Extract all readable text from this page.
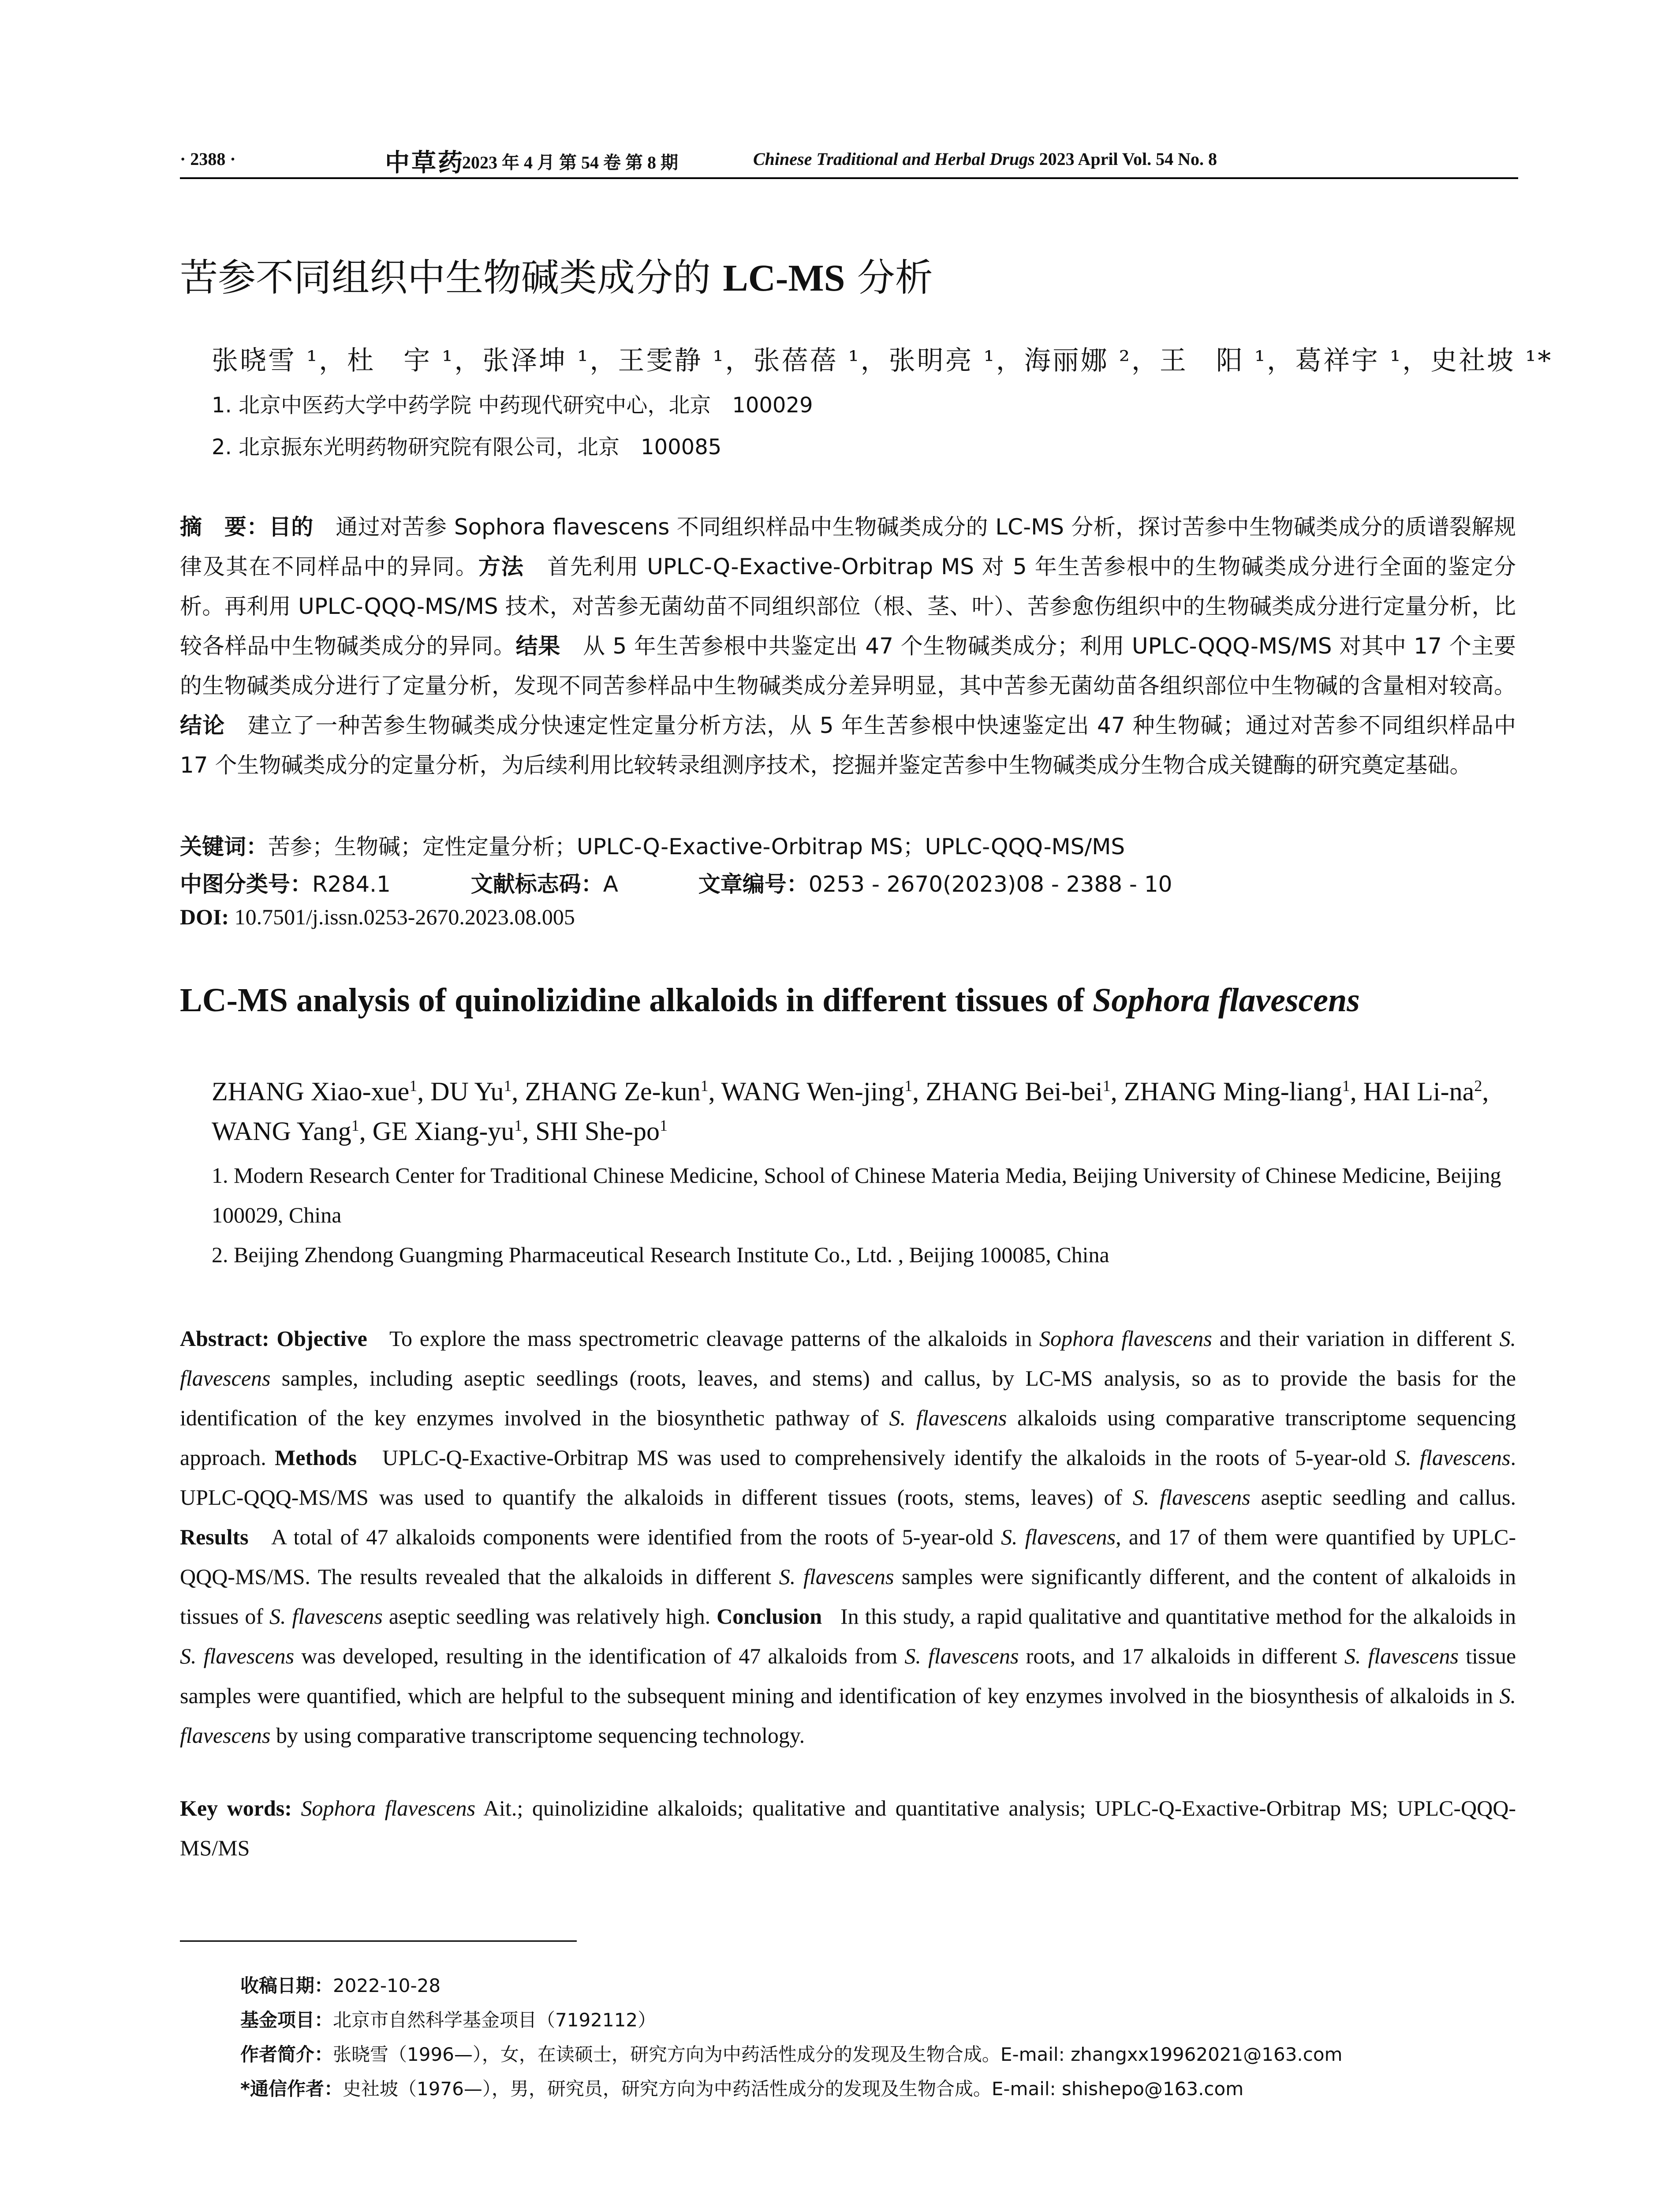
· 2388 ·	中草药
2023 年 4 月 第 54 卷 第 8 期	Chinese Traditional and Herbal Drugs 2023 April Vol. 54 No. 8
苦参不同组织中生物碱类成分的 LC-MS 分析
张晓雪 ¹，杜　宇 ¹，张泽坤 ¹，王雯静 ¹，张蓓蓓 ¹，张明亮 ¹，海丽娜 ²，王　阳 ¹，葛祥宇 ¹，史社坡 ¹*
1. 北京中医药大学中药学院 中药现代研究中心，北京　100029
2. 北京振东光明药物研究院有限公司，北京　100085
摘　要：目的　通过对苦参 Sophora flavescens 不同组织样品中生物碱类成分的 LC-MS 分析，探讨苦参中生物碱类成分的质谱裂解规律及其在不同样品中的异同。方法　首先利用 UPLC-Q-Exactive-Orbitrap MS 对 5 年生苦参根中的生物碱类成分进行全面的鉴定分析。再利用 UPLC-QQQ-MS/MS 技术，对苦参无菌幼苗不同组织部位（根、茎、叶）、苦参愈伤组织中的生物碱类成分进行定量分析，比较各样品中生物碱类成分的异同。结果　从 5 年生苦参根中共鉴定出 47 个生物碱类成分；利用 UPLC-QQQ-MS/MS 对其中 17 个主要的生物碱类成分进行了定量分析，发现不同苦参样品中生物碱类成分差异明显，其中苦参无菌幼苗各组织部位中生物碱的含量相对较高。结论　建立了一种苦参生物碱类成分快速定性定量分析方法，从 5 年生苦参根中快速鉴定出 47 种生物碱；通过对苦参不同组织样品中 17 个生物碱类成分的定量分析，为后续利用比较转录组测序技术，挖掘并鉴定苦参中生物碱类成分生物合成关键酶的研究奠定基础。
关键词：苦参；生物碱；定性定量分析；UPLC-Q-Exactive-Orbitrap MS；UPLC-QQQ-MS/MS
中图分类号：R284.1	文献标志码：A	文章编号：0253 - 2670(2023)08 - 2388 - 10
DOI: 10.7501/j.issn.0253-2670.2023.08.005
LC-MS analysis of quinolizidine alkaloids in different tissues of Sophora flavescens
ZHANG Xiao-xue$^1$, DU Yu$^1$, ZHANG Ze-kun$^1$, WANG Wen-jing$^1$, ZHANG Bei-bei$^1$, ZHANG Ming-liang$^1$, HAI $Li-na^2$, WANG Yang$^1$, GE Xiang-$yu^1$, SHI She-$po^1$
1. Modern Research Center for Traditional Chinese Medicine, School of Chinese Materia Media, Beijing University of Chinese Medicine, Beijing 100029, China
2. Beijing Zhendong Guangming Pharmaceutical Research Institute Co., Ltd. , Beijing 100085, China
Abstract: Objective   To explore the mass spectrometric cleavage patterns of the alkaloids in Sophora flavescens and their variation in different S. flavescens samples, including aseptic seedlings (roots, leaves, and stems) and callus, by LC-MS analysis, so as to provide the basis for the identification of the key enzymes involved in the biosynthetic pathway of S. flavescens alkaloids using comparative transcriptome sequencing approach. Methods   UPLC-Q-Exactive-Orbitrap MS was used to comprehensively identify the alkaloids in the roots of 5-year-old S. flavescens. UPLC-QQQ-MS/MS was used to quantify the alkaloids in different tissues (roots, stems, leaves) of S. flavescens aseptic seedling and callus. Results   A total of 47 alkaloids components were identified from the roots of 5-year-old S. flavescens, and 17 of them were quantified by UPLC-QQQ-MS/MS. The results revealed that the alkaloids in different S. flavescens samples were significantly different, and the content of alkaloids in tissues of S. flavescens aseptic seedling was relatively high. Conclusion   In this study, a rapid qualitative and quantitative method for the alkaloids in S. flavescens was developed, resulting in the identification of 47 alkaloids from S. flavescens roots, and 17 alkaloids in different S. flavescens tissue samples were quantified, which are helpful to the subsequent mining and identification of key enzymes involved in the biosynthesis of alkaloids in S. flavescens by using comparative transcriptome sequencing technology.
Key words: Sophora flavescens Ait.; quinolizidine alkaloids; qualitative and quantitative analysis; UPLC-Q-Exactive-Orbitrap MS; UPLC-QQQ-MS/MS
收稿日期：2022-10-28
基金项目：北京市自然科学基金项目（7192112）
作者简介：张晓雪（1996—），女，在读硕士，研究方向为中药活性成分的发现及生物合成。E-mail: zhangxx19962021@163.com
*通信作者：史社坡（1976—），男，研究员，研究方向为中药活性成分的发现及生物合成。E-mail: shishepo@163.com
